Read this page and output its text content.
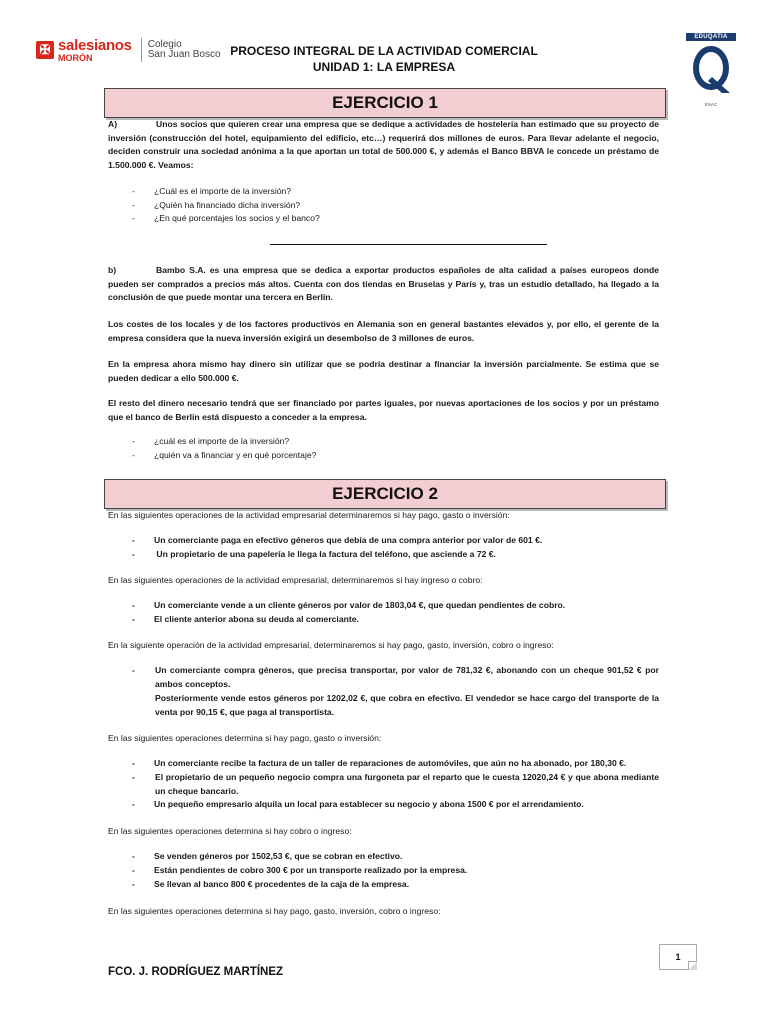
✠ salesianos
MORÓN
Colegio
San Juan Bosco PROCESO INTEGRAL DE LA ACTIVIDAD COMERCIAL
UNIDAD 1: LA EMPRESA
EDUQATIA
ENAC
EJERCICIO 1
A)	Unos socios que quieren crear una empresa que se dedique a actividades de hostelería han estimado que su proyecto de inversión (construcción del hotel, equipamiento del edificio, etc…) requerirá dos millones de euros. Para llevar adelante el negocio, deciden construir una sociedad anónima a la que aportan un total de 500.000 €, y además el Banco BBVA le concede un préstamo de 1.500.000 €. Veamos:
- ¿Cuál es el importe de la inversión?
- ¿Quién ha financiado dicha inversión?
- ¿En qué porcentajes los socios y el banco?
b)	Bambo S.A. es una empresa que se dedica a exportar productos españoles de alta calidad a países europeos donde pueden ser comprados a precios más altos. Cuenta con dos tiendas en Bruselas y París y, tras un estudio detallado, ha llegado a la conclusión de que puede montar una tercera en Berlín.
Los costes de los locales y de los factores productivos en Alemania son en general bastantes elevados y, por ello, el gerente de la empresa considera que la nueva inversión exigirá un desembolso de 3 millones de euros.
En la empresa ahora mismo hay dinero sin utilizar que se podría destinar a financiar la inversión parcialmente. Se estima que se pueden dedicar a ello 500.000 €.
El resto del dinero necesario tendrá que ser financiado por partes iguales, por nuevas aportaciones de los socios y por un préstamo que el banco de Berlín está dispuesto a conceder a la empresa.
- ¿cuál es el importe de la inversión?
- ¿quién va a financiar y en qué porcentaje?
EJERCICIO 2
En las siguientes operaciones de la actividad empresarial determinaremos si hay pago, gasto o inversión:
- Un comerciante paga en efectivo géneros que debía de una compra anterior por valor de 601 €.
- Un propietario de una papelería le llega la factura del teléfono, que asciende a 72 €.
En las siguientes operaciones de la actividad empresarial, determinaremos si hay ingreso o cobro:
- Un comerciante vende a un cliente géneros por valor de 1803,04 €, que quedan pendientes de cobro.
- El cliente anterior abona su deuda al comerciante.
En la siguiente operación de la actividad empresarial, determinaremos si hay pago, gasto, inversión, cobro o ingreso:
-	Un comerciante compra géneros, que precisa transportar, por valor de 781,32 €, abonando con un cheque 901,52 € por ambos conceptos.
Posteriormente vende estos géneros por 1202,02 €, que cobra en efectivo. El vendedor se hace cargo del transporte de la venta por 90,15 €, que paga al transportista.
En las siguientes operaciones determina si hay pago, gasto o inversión:
- Un comerciante recibe la factura de un taller de reparaciones de automóviles, que aún no ha abonado, por 180,30 €.
-	El propietario de un pequeño negocio compra una furgoneta par el reparto que le cuesta 12020,24 € y que abona mediante un cheque bancario.
- Un pequeño empresario alquila un local para establecer su negocio y abona 1500 € por el arrendamiento.
En las siguientes operaciones determina si hay cobro o ingreso:
- Se venden géneros por 1502,53 €, que se cobran en efectivo.
- Están pendientes de cobro 300 € por un transporte realizado por la empresa.
- Se llevan al banco 800 € procedentes de la caja de la empresa.
En las siguientes operaciones determina si hay pago, gasto, inversión, cobro o ingreso:
1
FCO. J. RODRÍGUEZ MARTÍNEZ
